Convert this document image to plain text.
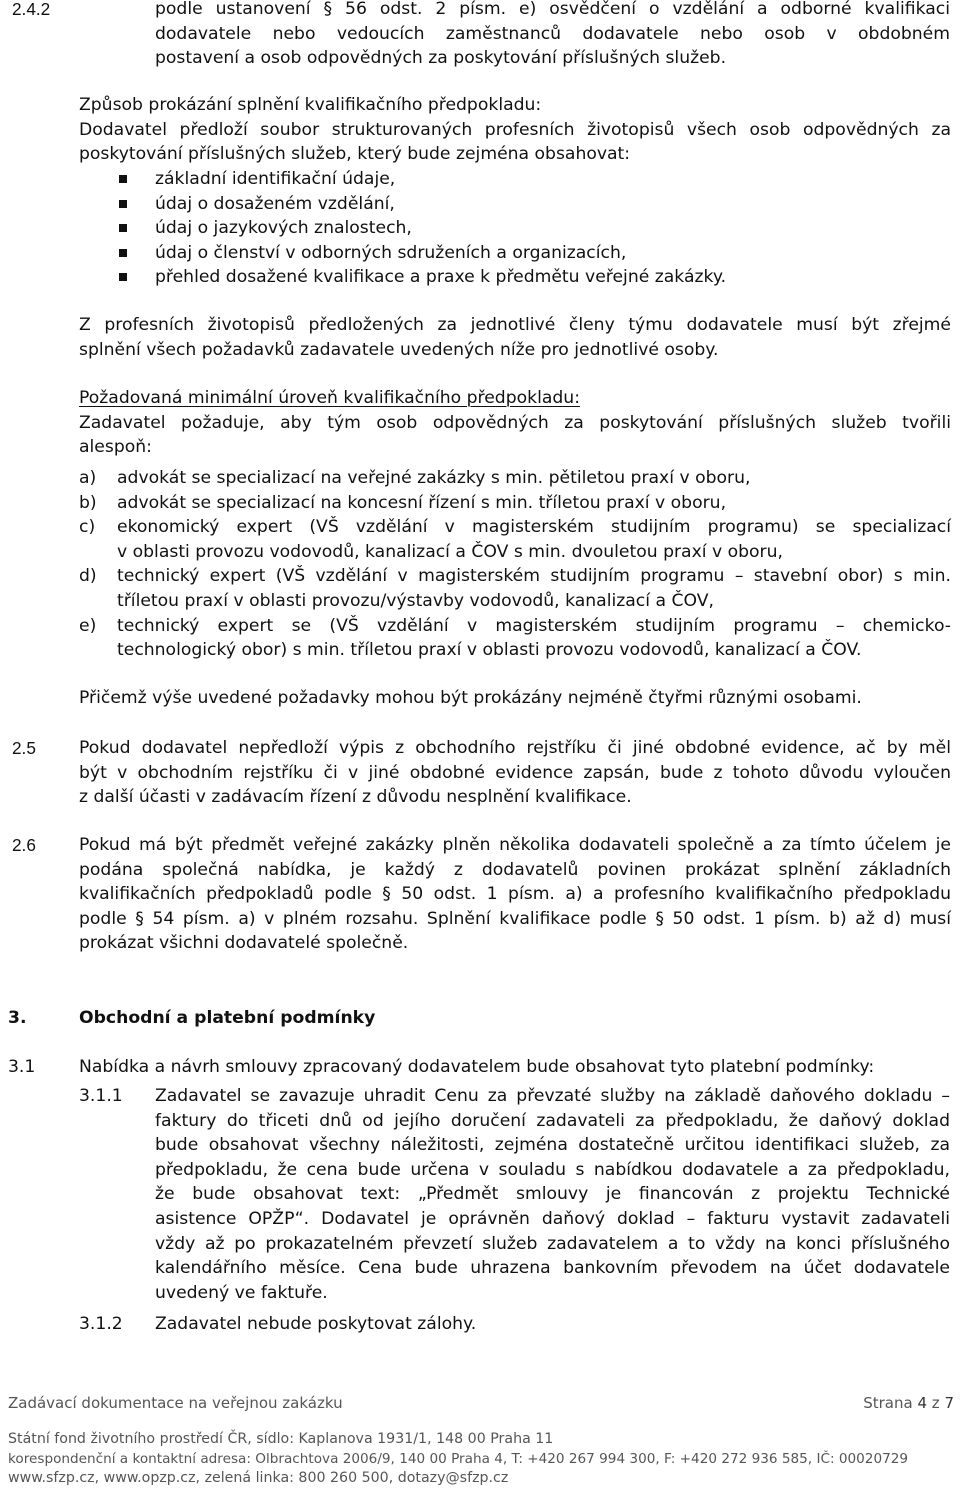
2.4.2	podle ustanovení § 56 odst. 2 písm. e) osvědčení o vzdělání a odborné kvalifikaci
dodavatele nebo vedoucích zaměstnanců dodavatele nebo osob v obdobném
postavení a osob odpovědných za poskytování příslušných služeb.
Způsob prokázání splnění kvalifikačního předpokladu:
Dodavatel předloží soubor strukturovaných profesních životopisů všech osob odpovědných za
poskytování příslušných služeb, který bude zejména obsahovat:
základní identifikační údaje,
údaj o dosaženém vzdělání,
údaj o jazykových znalostech,
údaj o členství v odborných sdruženích a organizacích,
přehled dosažené kvalifikace a praxe k předmětu veřejné zakázky.
Z profesních životopisů předložených za jednotlivé členy týmu dodavatele musí být zřejmé
splnění všech požadavků zadavatele uvedených níže pro jednotlivé osoby.
Požadovaná minimální úroveň kvalifikačního předpokladu:
Zadavatel požaduje, aby tým osob odpovědných za poskytování příslušných služeb tvořili
alespoň:
a) advokát se specializací na veřejné zakázky s min. pětiletou praxí v oboru,
b) advokát se specializací na koncesní řízení s min. tříletou praxí v oboru,
c) ekonomický expert (VŠ vzdělání v magisterském studijním programu) se specializací
v oblasti provozu vodovodů, kanalizací a ČOV s min. dvouletou praxí v oboru,
d) technický expert (VŠ vzdělání v magisterském studijním programu – stavební obor) s min.
tříletou praxí v oblasti provozu/výstavby vodovodů, kanalizací a ČOV,
e) technický expert se (VŠ vzdělání v magisterském studijním programu – chemicko-
technologický obor) s min. tříletou praxí v oblasti provozu vodovodů, kanalizací a ČOV.
Přičemž výše uvedené požadavky mohou být prokázány nejméně čtyřmi různými osobami.
2.5	Pokud dodavatel nepředloží výpis z obchodního rejstříku či jiné obdobné evidence, ač by měl
být v obchodním rejstříku či v jiné obdobné evidence zapsán, bude z tohoto důvodu vyloučen
z další účasti v zadávacím řízení z důvodu nesplnění kvalifikace.
2.6	Pokud má být předmět veřejné zakázky plněn několika dodavateli společně a za tímto účelem je
podána společná nabídka, je každý z dodavatelů povinen prokázat splnění základních
kvalifikačních předpokladů podle § 50 odst. 1 písm. a) a profesního kvalifikačního předpokladu
podle § 54 písm. a) v plném rozsahu. Splnění kvalifikace podle § 50 odst. 1 písm. b) až d) musí
prokázat všichni dodavatelé společně.
3.	Obchodní a platební podmínky
3.1	Nabídka a návrh smlouvy zpracovaný dodavatelem bude obsahovat tyto platební podmínky:
3.1.1 Zadavatel se zavazuje uhradit Cenu za převzaté služby na základě daňového dokladu –
faktury do třiceti dnů od jejího doručení zadavateli za předpokladu, že daňový doklad
bude obsahovat všechny náležitosti, zejména dostatečně určitou identifikaci služeb, za
předpokladu, že cena bude určena v souladu s nabídkou dodavatele a za předpokladu,
že bude obsahovat text: „Předmět smlouvy je financován z projektu Technické
asistence OPŽP“. Dodavatel je oprávněn daňový doklad – fakturu vystavit zadavateli
vždy až po prokazatelném převzetí služeb zadavatelem a to vždy na konci příslušného
kalendářního měsíce. Cena bude uhrazena bankovním převodem na účet dodavatele
uvedený ve faktuře.
3.1.2 Zadavatel nebude poskytovat zálohy.
Zadávací dokumentace na veřejnou zakázku	Strana 4 z 7
Státní fond životního prostředí ČR, sídlo: Kaplanova 1931/1, 148 00 Praha 11
korespondenční a kontaktní adresa: Olbrachtova 2006/9, 140 00 Praha 4, T: +420 267 994 300, F: +420 272 936 585, IČ: 00020729
www.sfzp.cz, www.opzp.cz, zelená linka: 800 260 500, dotazy@sfzp.cz
